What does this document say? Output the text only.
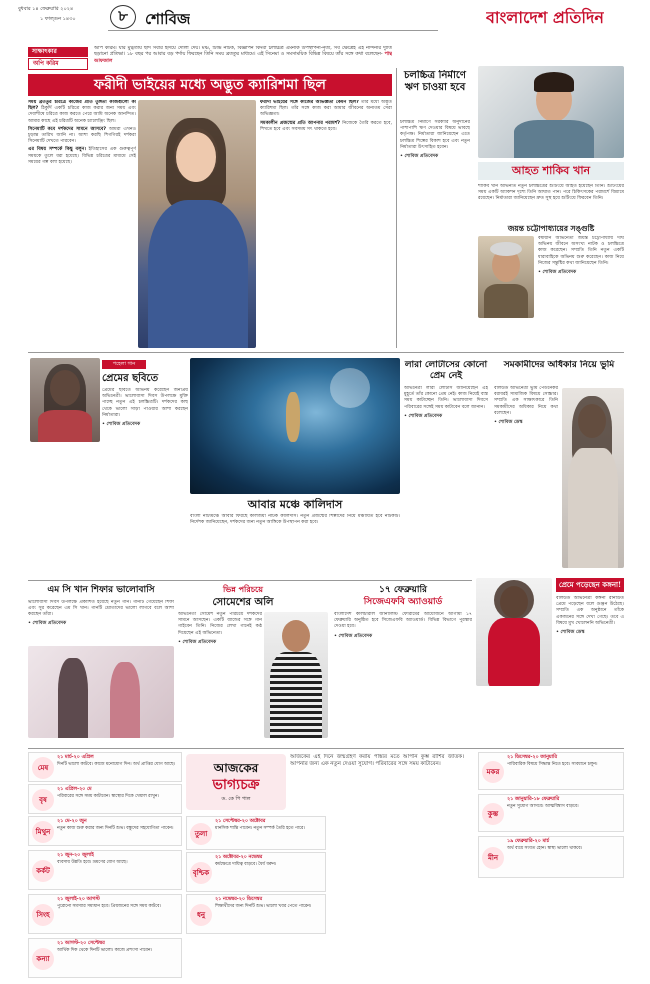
বুধবার ১৪ ফেব্রুয়ারি ২০২৪
১ ফাল্গুন ১৪৩০	৮	শোবিজ	বাংলাদেশ প্রতিদিন
সাক্ষাৎকার
অপি করিম
অপি করিম। যাঁর মুগ্ধতায় ছাঁদ সবার হৃদয়ে দোলা দেয়। মঞ্চ, টিভি নাটক, বিজ্ঞাপন কিংবা চলচ্চিত্র এমনকি উপস্থাপনা-নৃত্য, সব ক্ষেত্রেই এই নন্দিনীর দ্যুতি ছড়ানো প্রতিভা। ১৮ বছর পর আবার বড় পর্দায় ফিরছেন তিনি সময় ব্রততুর মাধ্যমে। এই সিনেমা ও সমসাময়িক বিভিন্ন বিষয়ে তাঁর সঙ্গে কথা বলেছেন- পান্থ আফজাল
ফরীদী ভাইয়ের মধ্যে অদ্ভুত ক্যারিশমা ছিল

সময় ব্রততুর চরিত্রে কাজের প্রতি তুঙ্গতা কাজগুলো কী ছিল? ঠিকুর্দি একটি চরিত্রে কাজ করার জন্য সময় এবং দেবাশীষে চরিত্রে কাজ করতে পেরে আমি অনেক আনন্দিত। আমার কাছে এই চরিত্রটি অনেক চ্যালেঞ্জিং ছিল।

সিনেমাটি কবে দর্শকদের সামনে আসবে? আমরা এখনও চূড়ান্ত তারিখ জানি না। আশা করছি শিগগিরই দর্শকরা সিনেমাটি দেখতে পারবেন।

এর বিষয় সম্পর্কে কিছু বলুন। ইতিহাসের এক গুরুত্বপূর্ণ সময়কে তুলে ধরা হয়েছে। বিভিন্ন চরিত্রের মাধ্যমে সেই সময়ের গল্প বলা হয়েছে।

ফরীদী ভাইয়ের সঙ্গে কাজের অভিজ্ঞতা কেমন ছিল? তাঁর মধ্যে অদ্ভুত ক্যারিশমা ছিল। তাঁর সঙ্গে কাজ করা আমার জীবনের অন্যতম সেরা অভিজ্ঞতা।

সমকালীন প্রজন্মের প্রতি আপনার পরামর্শ? নিজেকে তৈরি করতে হবে, শিখতে হবে এবং সবসময় সৎ থাকতে হবে।

চলচ্চিত্র নির্মাণে ঋণ চাওয়া হবে
চলচ্চিত্র নির্মাণে সরকারি অনুদানের পাশাপাশি ঋণ দেওয়ার বিষয়ে ভাবছে কর্তৃপক্ষ। নির্মাতারা জানিয়েছেন এতে চলচ্চিত্র শিল্পের বিকাশ হবে এবং নতুন নির্মাতারা উৎসাহিত হবেন।

• শোবিজ প্রতিবেদক

আহত শাকিব খান
শাকিব খান অভিনীত নতুন চলচ্চিত্রের শুটিংয়ে আহত হয়েছেন তিনি। শুটিংয়ের সময় একটি অ্যাকশন দৃশ্যে তিনি আঘাত পান। পরে চিকিৎসকের পরামর্শে বিশ্রামে রয়েছেন। নির্মাতারা জানিয়েছেন দ্রুত সুস্থ হয়ে শুটিংয়ে ফিরবেন তিনি।
জয়ন্ত চট্টোপাধ্যায়ের সঙ্গুষ্টি
বর্ষীয়ান অভিনেতা জয়ন্ত চট্টোপাধ্যায় দীর্ঘ অভিনয় জীবনে অসংখ্য নাটক ও চলচ্চিত্রে কাজ করেছেন। সম্প্রতি তিনি নতুন একটি ধারাবাহিকে অভিনয় শুরু করেছেন। কাজ নিয়ে নিজের সন্তুষ্টির কথা জানিয়েছেন তিনি।

• শোবিজ প্রতিবেদক

পহেলা গান
প্রেমের ছবিতে
প্রেমের ছবিতে অভিনয় করেছেন জনপ্রিয় অভিনেত্রী। ভালোবাসা দিবস উপলক্ষে মুক্তি পাচ্ছে নতুন এই চলচ্চিত্রটি। দর্শকদের কাছ থেকে ভালো সাড়া পাওয়ার আশা করছেন নির্মাতারা।

• শোবিজ প্রতিবেদক

আবার মঞ্চে কালিদাস
বাংলা নাট্যমঞ্চে আবার ফিরছে কালজয়ী নাটক কালিদাস। নতুন প্রজন্মের শিল্পীদের নিয়ে মঞ্চায়িত হবে নাটকটি। নির্দেশক জানিয়েছেন, দর্শকদের জন্য নতুন আঙ্গিকে উপস্থাপন করা হবে।
লারা লোটাসের কোনো প্রেম নেই
অভিনেত্রী লারা লোটাস জানিয়েছেন এই মুহূর্তে তাঁর কোনো প্রেম নেই। কাজ নিয়েই ব্যস্ত সময় কাটাচ্ছেন তিনি। ভালোবাসা দিবসে পরিবারের সঙ্গেই সময় কাটাবেন বলে জানান।

• শোবিজ প্রতিবেদক

সমকামীদের অধিকার নিয়ে ভুমি
বলিউড অভিনেত্রী ভুমি পেডনেকর বরাবরই সামাজিক বিষয়ে সোচ্চার। সম্প্রতি এক সাক্ষাৎকারে তিনি সমকামীদের অধিকার নিয়ে কথা বলেছেন।

• শোবিজ ডেস্ক

প্রেমে পড়েছেন কঙ্গনা!
বলিউড অভিনেত্রী কঙ্গনা রানাউত প্রেমে পড়েছেন বলে গুঞ্জন উঠেছে। সম্প্রতি এক অনুষ্ঠানে তাঁকে একজনের সঙ্গে দেখা গেছে। তবে এ বিষয়ে মুখ খোলেননি অভিনেত্রী।

• শোবিজ ডেস্ক

এম সি খান শিফার ভালোবাসি
ভালোবাসা দিবস উপলক্ষে প্রকাশিত হয়েছে নতুন গান। গানটি গেয়েছেন শিফা এবং সুর করেছেন এম সি খান। গানটি শ্রোতাদের ভালো লাগবে বলে আশা করছেন তাঁরা।

• শোবিজ প্রতিবেদক

ভিন্ন পরিচয়ে
সোমেশের অলি
অভিনেতা সোমেশ নতুন পরিচয়ে দর্শকদের সামনে আসছেন। একটি ব্যান্ডের সঙ্গে গান গাইবেন তিনি। নিজের লেখা গানেই কণ্ঠ দিয়েছেন এই অভিনেতা।

• শোবিজ প্রতিবেদক

১৭ ফেব্রুয়ারি
সিজেএফবি অ্যাওয়ার্ড
বাংলাদেশ কালচারাল জার্নালিস্ট ফোরামের আয়োজনে আগামী ১৭ ফেব্রুয়ারি অনুষ্ঠিত হবে সিজেএফবি অ্যাওয়ার্ড। বিভিন্ন বিভাগে পুরস্কার দেওয়া হবে।

• শোবিজ প্রতিবেদক

আজকের
ভাগ্যচক্র
ড. কে পি পাল
আজকের এই দিনে জন্মগ্রহণ করায় পাঙ্ক্যর মতে আপনি কুম্ভ রাশির জাতক। আপনার জন্য এক নতুন দেওয়া সুযোগ। পরিবারের সঙ্গে সময় কাটাবেন।
মেষ
২১ মার্চ-২০ এপ্রিল
দিনটি ভালো কাটবে। কাজে মনোযোগ দিন। অর্থ প্রাপ্তির যোগ আছে।
বৃষ
২১ এপ্রিল-২০ মে
পরিবারের সঙ্গে সময় কাটাবেন। স্বাস্থ্যের দিকে খেয়াল রাখুন।
মিথুন
২১ মে-২০ জুন
নতুন কাজ শুরু করার জন্য দিনটি শুভ। বন্ধুদের সহযোগিতা পাবেন।
কর্কট
২১ জুন-২০ জুলাই
ব্যবসায় উন্নতি হবে। ভ্রমণের যোগ আছে।
সিংহ
২১ জুলাই-২০ আগস্ট
পুরোনো সমস্যার সমাধান হবে। প্রিয়জনের সঙ্গে সময় কাটবে।
কন্যা
২১ আগস্ট-২০ সেপ্টেম্বর
আর্থিক দিক থেকে দিনটি ভালো। কাজে প্রশংসা পাবেন।
তুলা
২১ সেপ্টেম্বর-২০ অক্টোবর
মানসিক শান্তি পাবেন। নতুন সম্পর্ক তৈরি হতে পারে।
বৃশ্চিক
২১ অক্টোবর-২০ নভেম্বর
কর্মক্ষেত্রে দায়িত্ব বাড়বে। ধৈর্য ধরুন।
ধনু
২১ নভেম্বর-২০ ডিসেম্বর
শিক্ষার্থীদের জন্য দিনটি শুভ। ভালো খবর পেতে পারেন।
মকর
২১ ডিসেম্বর-২০ জানুয়ারি
পারিবারিক বিষয়ে সিদ্ধান্ত নিতে হবে। সাবধানে চলুন।
কুম্ভ
২১ জানুয়ারি-১৮ ফেব্রুয়ারি
নতুন সুযোগ আসবে। আত্মবিশ্বাস বাড়বে।
মীন
১৯ ফেব্রুয়ারি-২০ মার্চ
অর্থ ব্যয়ে সংযত হোন। স্বাস্থ্য ভালো থাকবে।
